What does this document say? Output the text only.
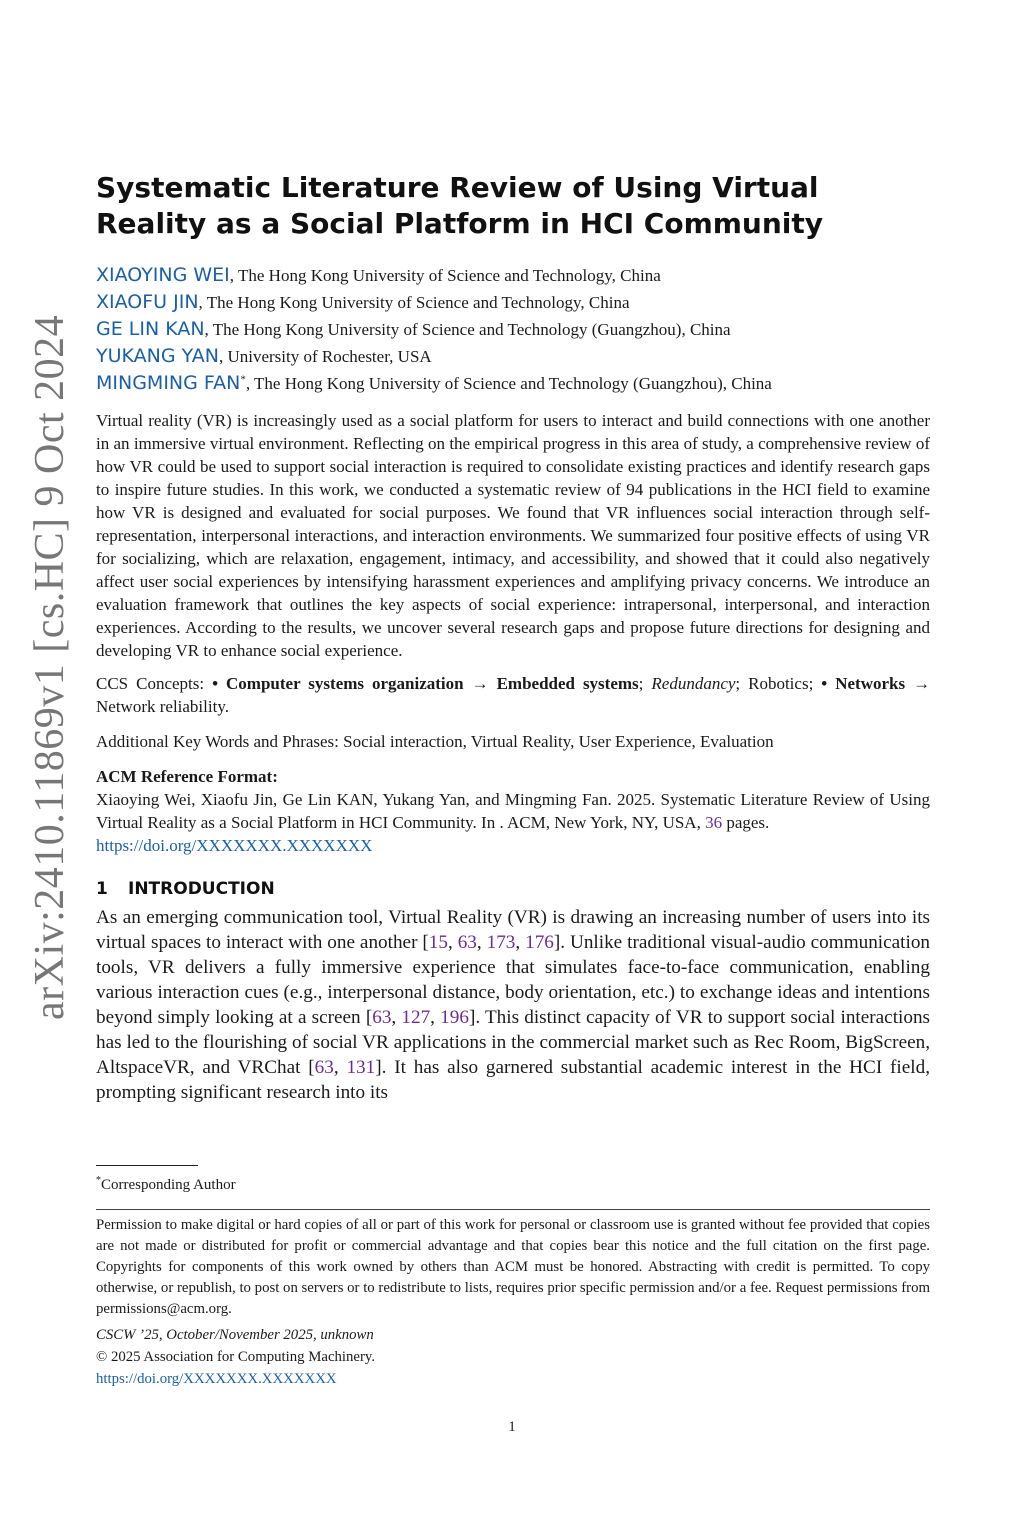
arXiv:2410.11869v1 [cs.HC] 9 Oct 2024
Systematic Literature Review of Using Virtual Reality as a Social Platform in HCI Community
XIAOYING WEI, The Hong Kong University of Science and Technology, China
XIAOFU JIN, The Hong Kong University of Science and Technology, China
GE LIN KAN, The Hong Kong University of Science and Technology (Guangzhou), China
YUKANG YAN, University of Rochester, USA
MINGMING FAN*, The Hong Kong University of Science and Technology (Guangzhou), China

Virtual reality (VR) is increasingly used as a social platform for users to interact and build connections with one another in an immersive virtual environment. Reflecting on the empirical progress in this area of study, a comprehensive review of how VR could be used to support social interaction is required to consolidate existing practices and identify research gaps to inspire future studies. In this work, we conducted a systematic review of 94 publications in the HCI field to examine how VR is designed and evaluated for social purposes. We found that VR influences social interaction through self-representation, interpersonal interactions, and interaction environments. We summarized four positive effects of using VR for socializing, which are relaxation, engagement, intimacy, and accessibility, and showed that it could also negatively affect user social experiences by intensifying harassment experiences and amplifying privacy concerns. We introduce an evaluation framework that outlines the key aspects of social experience: intrapersonal, interpersonal, and interaction experiences. According to the results, we uncover several research gaps and propose future directions for designing and developing VR to enhance social experience.

CCS Concepts: • Computer systems organization → Embedded systems; Redundancy; Robotics; • Networks → Network reliability.

Additional Key Words and Phrases: Social interaction, Virtual Reality, User Experience, Evaluation

ACM Reference Format:

Xiaoying Wei, Xiaofu Jin, Ge Lin KAN, Yukang Yan, and Mingming Fan. 2025. Systematic Literature Review of Using Virtual Reality as a Social Platform in HCI Community. In . ACM, New York, NY, USA, 36 pages.
https://doi.org/XXXXXXX.XXXXXXX

1 INTRODUCTION

As an emerging communication tool, Virtual Reality (VR) is drawing an increasing number of users into its virtual spaces to interact with one another [15, 63, 173, 176]. Unlike traditional visual-audio communication tools, VR delivers a fully immersive experience that simulates face-to-face communication, enabling various interaction cues (e.g., interpersonal distance, body orientation, etc.) to exchange ideas and intentions beyond simply looking at a screen [63, 127, 196]. This distinct capacity of VR to support social interactions has led to the flourishing of social VR applications in the commercial market such as Rec Room, BigScreen, AltspaceVR, and VRChat [63, 131]. It has also garnered substantial academic interest in the HCI field, prompting significant research into its

*Corresponding Author

Permission to make digital or hard copies of all or part of this work for personal or classroom use is granted without fee provided that copies are not made or distributed for profit or commercial advantage and that copies bear this notice and the full citation on the first page. Copyrights for components of this work owned by others than ACM must be honored. Abstracting with credit is permitted. To copy otherwise, or republish, to post on servers or to redistribute to lists, requires prior specific permission and/or a fee. Request permissions from permissions@acm.org.

CSCW ’25, October/November 2025, unknown
© 2025 Association for Computing Machinery.
https://doi.org/XXXXXXX.XXXXXXX
1
